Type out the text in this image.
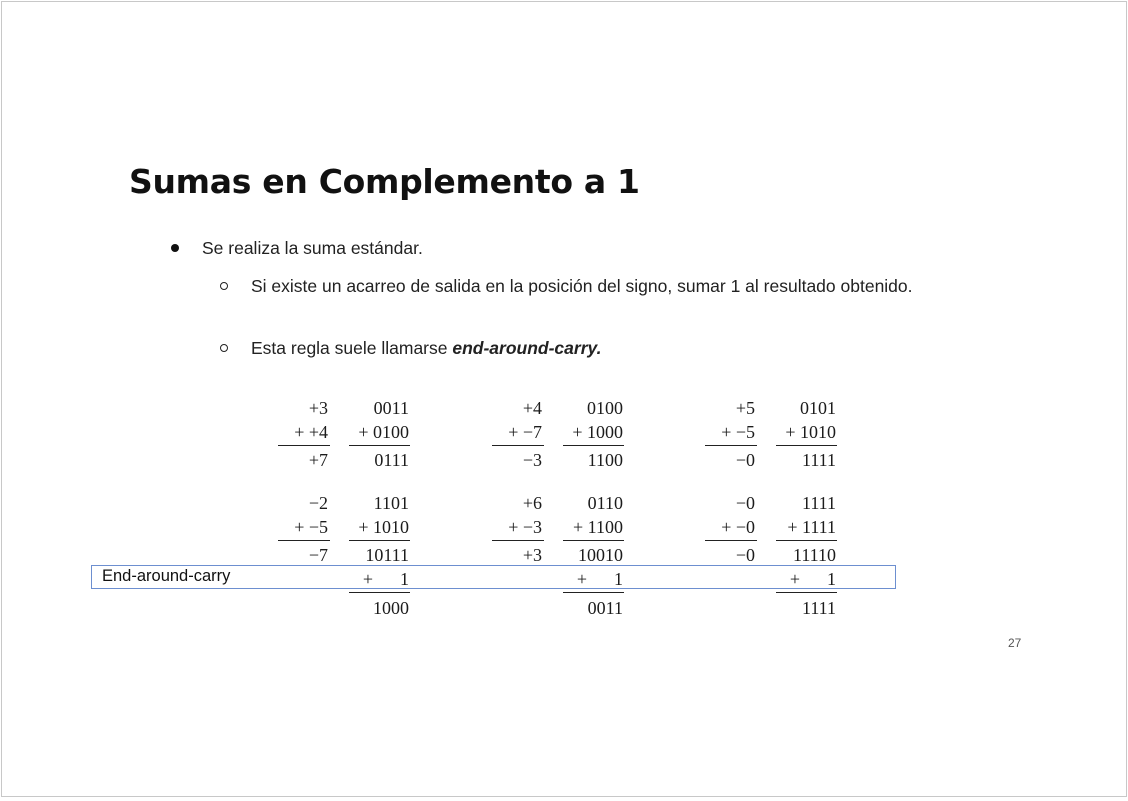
Sumas en Complemento a 1
Se realiza la suma estándar.
Si existe un acarreo de salida en la posición del signo, sumar 1 al resultado obtenido.
Esta regla suele llamarse end-around-carry.
+3
+ +4
+7
0011
+ 0100
0111
+4
+ −7
−3
0100
+ 1000
1100
+5
+ −5
−0
0101
+ 1010
1111
−2
+ −5
−7
1101
+ 1010
10111
+      1
1000
+6
+ −3
+3
0110
+ 1100
10010
+      1
0011
−0
+ −0
−0
1111
+ 1111
11110
+      1
1111
End-around-carry
27
